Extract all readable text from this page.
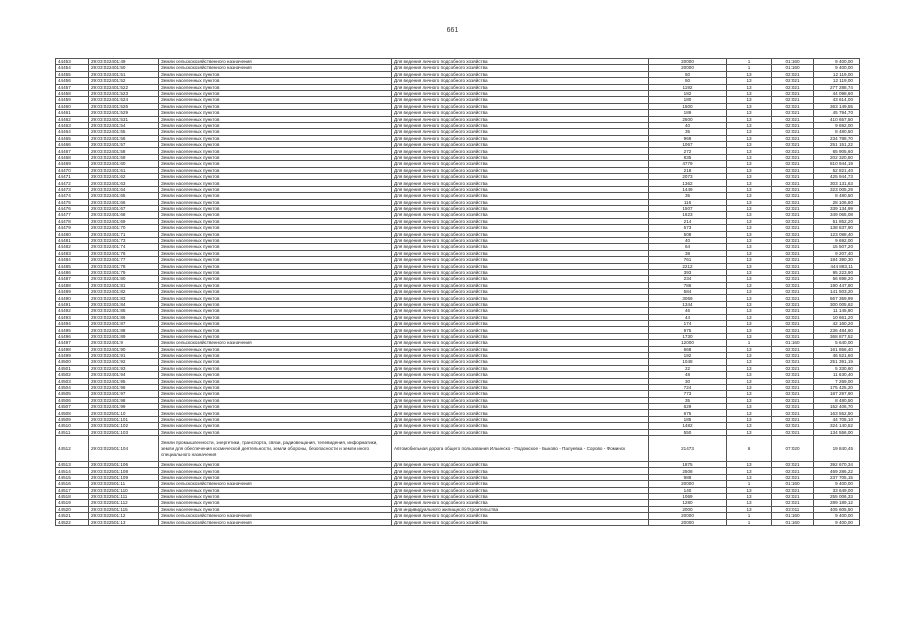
661
44453	29:03:022401:49	Земли сельскохозяйственного назначения	Для ведения личного подсобного хозяйства	20000	1	01:160	9 400,00
44454	29:03:022401:50	Земли сельскохозяйственного назначения	Для ведения личного подсобного хозяйства	20000	1	01:160	9 400,00
44455	29:03:022401:51	Земли населенных пунктов	Для ведения личного подсобного хозяйства	50	13	02:021	12 119,00
44456	29:03:022401:52	Земли населенных пунктов	Для ведения личного подсобного хозяйства	50	13	02:021	12 119,00
44457	29:03:022401:522	Земли населенных пунктов	Для ведения личного подсобного хозяйства	1192	13	02:021	277 288,74
44458	29:03:022401:523	Земли населенных пунктов	Для ведения личного подсобного хозяйства	182	13	02:021	44 098,60
44459	29:03:022401:524	Земли населенных пунктов	Для ведения личного подсобного хозяйства	180	13	02:021	43 614,00
44460	29:03:022401:526	Земли населенных пунктов	Для ведения личного подсобного хозяйства	1500	13	02:021	363 149,55
44461	29:03:022401:529	Земли населенных пунктов	Для ведения личного подсобного хозяйства	189	13	02:021	45 794,70
44462	29:03:022401:531	Земли населенных пунктов	Для ведения личного подсобного хозяйства	2500	13	02:021	410 657,50
44463	29:03:022401:54	Земли населенных пунктов	Для ведения личного подсобного хозяйства	40	13	02:021	9 692,00
44464	29:03:022401:55	Земли населенных пунктов	Для ведения личного подсобного хозяйства	35	13	02:021	8 480,50
44465	29:03:022401:56	Земли населенных пунктов	Для ведения личного подсобного хозяйства	969	13	02:021	234 788,70
44466	29:03:022401:57	Земли населенных пунктов	Для ведения личного подсобного хозяйства	1067	13	02:021	251 151,22
44467	29:03:022401:58	Земли населенных пунктов	Для ведения личного подсобного хозяйства	272	13	02:021	65 905,60
44468	29:03:022401:59	Земли населенных пунктов	Для ведения личного подсобного хозяйства	835	13	02:021	202 320,50
44469	29:03:022401:60	Земли населенных пунктов	Для ведения личного подсобного хозяйства	4779	13	02:021	810 944,19
44470	29:03:022401:61	Земли населенных пунктов	Для ведения личного подсобного хозяйства	218	13	02:021	52 821,40
44471	29:03:022401:62	Земли населенных пунктов	Для ведения личного подсобного хозяйства	2073	13	02:021	425 944,73
44472	29:03:022401:63	Земли населенных пунктов	Для ведения личного подсобного хозяйства	1362	13	02:021	303 131,63
44473	29:03:022401:64	Земли населенных пунктов	Для ведения личного подсобного хозяйства	1449	13	02:021	323 005,29
44474	29:03:022401:65	Земли населенных пунктов	Для ведения личного подсобного хозяйства	35	13	02:021	8 480,50
44475	29:03:022401:66	Земли населенных пунктов	Для ведения личного подсобного хозяйства	116	13	02:021	28 106,80
44476	29:03:022401:67	Земли населенных пунктов	Для ведения личного подсобного хозяйства	1507	13	02:021	339 134,99
44477	29:03:022401:68	Земли населенных пунктов	Для ведения личного подсобного хозяйства	1623	13	02:021	349 065,08
44478	29:03:022401:69	Земли населенных пунктов	Для ведения личного подсобного хозяйства	214	13	02:021	51 852,20
44479	29:03:022401:70	Земли населенных пунктов	Для ведения личного подсобного хозяйства	573	13	02:021	138 837,90
44480	29:03:022401:71	Земли населенных пунктов	Для ведения личного подсобного хозяйства	508	13	02:021	123 088,40
44481	29:03:022401:73	Земли населенных пунктов	Для ведения личного подсобного хозяйства	40	13	02:021	9 692,00
44482	29:03:022401:74	Земли населенных пунктов	Для ведения личного подсобного хозяйства	64	13	02:021	15 507,20
44483	29:03:022401:76	Земли населенных пунктов	Для ведения личного подсобного хозяйства	38	13	02:021	9 207,40
44484	29:03:022401:77	Земли населенных пунктов	Для ведения личного подсобного хозяйства	761	13	02:021	184 390,30
44485	29:03:022401:78	Земли населенных пунктов	Для ведения личного подсобного хозяйства	2212	13	02:021	444 883,11
44486	29:03:022401:79	Земли населенных пунктов	Для ведения личного подсобного хозяйства	393	13	02:021	95 223,90
44487	29:03:022401:80	Земли населенных пунктов	Для ведения личного подсобного хозяйства	234	13	02:021	56 698,20
44488	29:03:022401:81	Земли населенных пунктов	Для ведения личного подсобного хозяйства	786	13	02:021	190 447,80
44489	29:03:022401:82	Земли населенных пунктов	Для ведения личного подсобного хозяйства	584	13	02:021	141 503,20
44490	29:03:022401:83	Земли населенных пунктов	Для ведения личного подсобного хозяйства	3069	13	02:021	567 359,99
44491	29:03:022401:84	Земли населенных пунктов	Для ведения личного подсобного хозяйства	1344	13	02:021	300 005,62
44492	29:03:022401:85	Земли населенных пунктов	Для ведения личного подсобного хозяйства	46	13	02:021	11 145,80
44493	29:03:022401:86	Земли населенных пунктов	Для ведения личного подсобного хозяйства	44	13	02:021	10 661,20
44494	29:03:022401:87	Земли населенных пунктов	Для ведения личного подсобного хозяйства	174	13	02:021	42 160,20
44495	29:03:022401:88	Земли населенных пунктов	Для ведения личного подсобного хозяйства	975	13	02:021	236 484,60
44496	29:03:022401:89	Земли населенных пунктов	Для ведения личного подсобного хозяйства	1730	13	02:021	368 877,52
44497	29:03:022401:9	Земли сельскохозяйственного назначения	Для ведения личного подсобного хозяйства	12000	1	01:160	5 640,00
44498	29:03:022401:90	Земли населенных пунктов	Для ведения личного подсобного хозяйства	668	13	02:021	161 856,40
44499	29:03:022401:91	Земли населенных пунктов	Для ведения личного подсобного хозяйства	192	13	02:021	46 521,60
44500	29:03:022401:92	Земли населенных пунктов	Для ведения личного подсобного хозяйства	1048	13	02:021	251 391,19
44501	29:03:022401:93	Земли населенных пунктов	Для ведения личного подсобного хозяйства	22	13	02:021	5 330,60
44502	29:03:022401:94	Земли населенных пунктов	Для ведения личного подсобного хозяйства	48	13	02:021	11 630,40
44503	29:03:022401:95	Земли населенных пунктов	Для ведения личного подсобного хозяйства	30	13	02:021	7 269,00
44504	29:03:022401:96	Земли населенных пунктов	Для ведения личного подсобного хозяйства	724	13	02:021	175 425,20
44505	29:03:022401:97	Земли населенных пунктов	Для ведения личного подсобного хозяйства	773	13	02:021	187 297,90
44506	29:03:022401:98	Земли населенных пунктов	Для ведения личного подсобного хозяйства	35	13	02:021	8 480,50
44507	29:03:022401:99	Земли населенных пунктов	Для ведения личного подсобного хозяйства	629	13	02:021	152 406,70
44508	29:03:022501:10	Земли населенных пунктов	Для ведения личного подсобного хозяйства	675	13	02:021	163 552,50
44509	29:03:022501:101	Земли населенных пунктов	Для ведения личного подсобного хозяйства	185	13	02:021	44 705,10
44510	29:03:022501:102	Земли населенных пунктов	Для ведения личного подсобного хозяйства	1482	13	02:021	324 140,52
44511	29:03:022501:103	Земли населенных пунктов	Для ведения личного подсобного хозяйства	550	13	02:021	134 556,00
44512	29:03:022501:104	Земли промышленности, энергетики, транспорта, связи, радиовещания, телевидения, информатики, земли для обеспечения космической деятельности, земли обороны, безопасности и земли иного специального назначения	Автомобильная дорога общего пользования Ильинско - Подомское - Быково - Палуевка - Сорово - Фоминск	21473	6	07:020	19 840,45
44513	29:03:022501:106	Земли населенных пунктов	Для ведения личного подсобного хозяйства	1875	13	02:021	392 670,34
44514	29:03:022501:108	Земли населенных пунктов	Для ведения личного подсобного хозяйства	2508	13	02:021	469 286,22
44515	29:03:022501:109	Земли населенных пунктов	Для ведения личного подсобного хозяйства	988	13	02:021	237 705,15
44516	29:03:022501:11	Земли сельскохозяйственного назначения	Для ведения личного подсобного хозяйства	20000	1	01:160	9 400,00
44517	29:03:022501:110	Земли населенных пунктов	Для ведения личного подсобного хозяйства	140	13	02:021	33 649,00
44518	29:03:022501:111	Земли населенных пунктов	Для ведения личного подсобного хозяйства	1069	13	02:021	255 006,33
44519	29:03:022501:112	Земли населенных пунктов	Для ведения личного подсобного хозяйства	1280	13	02:021	289 189,12
44520	29:03:022501:115	Земли населенных пунктов	Для индивидуального жилищного строительства	2000	13	02:011	405 605,50
44521	29:03:022501:12	Земли сельскохозяйственного назначения	Для ведения личного подсобного хозяйства	20000	1	01:160	9 400,00
44522	29:03:022501:13	Земли сельскохозяйственного назначения	Для ведения личного подсобного хозяйства	20000	1	01:160	9 400,00
